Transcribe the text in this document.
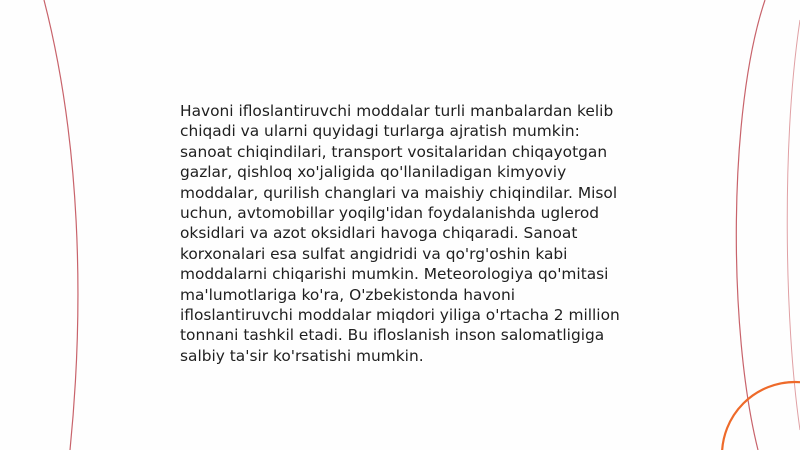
Havoni ifloslantiruvchi moddalar turli manbalardan kelib chiqadi va ularni quyidagi turlarga ajratish mumkin: sanoat chiqindilari, transport vositalaridan chiqayotgan gazlar, qishloq xo'jaligida qo'llaniladigan kimyoviy moddalar, qurilish changlari va maishiy chiqindilar. Misol uchun, avtomobillar yoqilg'idan foydalanishda uglerod oksidlari va azot oksidlari havoga chiqaradi. Sanoat korxonalari esa sulfat angidridi va qo'rg'oshin kabi moddalarni chiqarishi mumkin. Meteorologiya qo'mitasi ma'lumotlariga ko'ra, O'zbekistonda havoni ifloslantiruvchi moddalar miqdori yiliga o'rtacha 2 million tonnani tashkil etadi. Bu ifloslanish inson salomatligiga salbiy ta'sir ko'rsatishi mumkin.
